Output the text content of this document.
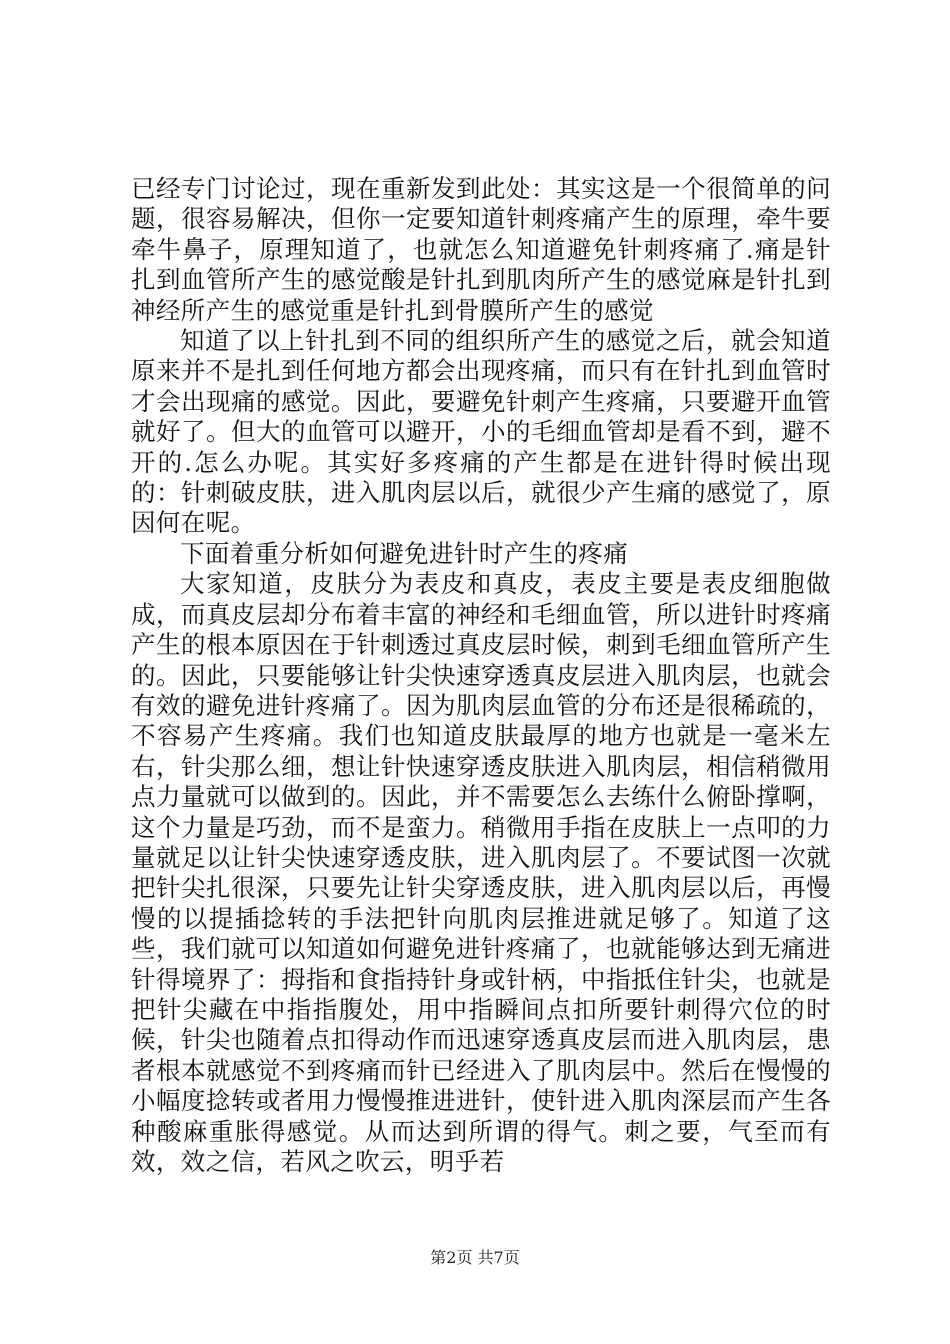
已经专门讨论过，现在重新发到此处：其实这是一个很简单的问题，很容易解决，但你一定要知道针刺疼痛产生的原理，牵牛要牵牛鼻子，原理知道了，也就怎么知道避免针刺疼痛了.痛是针扎到血管所产生的感觉酸是针扎到肌肉所产生的感觉麻是针扎到神经所产生的感觉重是针扎到骨膜所产生的感觉

知道了以上针扎到不同的组织所产生的感觉之后，就会知道原来并不是扎到任何地方都会出现疼痛，而只有在针扎到血管时才会出现痛的感觉。因此，要避免针刺产生疼痛，只要避开血管就好了。但大的血管可以避开，小的毛细血管却是看不到，避不开的.怎么办呢。其实好多疼痛的产生都是在进针得时候出现的：针刺破皮肤，进入肌肉层以后，就很少产生痛的感觉了，原因何在呢。

下面着重分析如何避免进针时产生的疼痛

大家知道，皮肤分为表皮和真皮，表皮主要是表皮细胞做成，而真皮层却分布着丰富的神经和毛细血管，所以进针时疼痛产生的根本原因在于针刺透过真皮层时候，刺到毛细血管所产生的。因此，只要能够让针尖快速穿透真皮层进入肌肉层，也就会有效的避免进针疼痛了。因为肌肉层血管的分布还是很稀疏的，不容易产生疼痛。我们也知道皮肤最厚的地方也就是一毫米左右，针尖那么细，想让针快速穿透皮肤进入肌肉层，相信稍微用点力量就可以做到的。因此，并不需要怎么去练什么俯卧撑啊，这个力量是巧劲，而不是蛮力。稍微用手指在皮肤上一点叩的力量就足以让针尖快速穿透皮肤，进入肌肉层了。不要试图一次就把针尖扎很深，只要先让针尖穿透皮肤，进入肌肉层以后，再慢慢的以提插捻转的手法把针向肌肉层推进就足够了。知道了这些，我们就可以知道如何避免进针疼痛了，也就能够达到无痛进针得境界了：拇指和食指持针身或针柄，中指抵住针尖，也就是把针尖藏在中指指腹处，用中指瞬间点扣所要针刺得穴位的时候，针尖也随着点扣得动作而迅速穿透真皮层而进入肌肉层，患者根本就感觉不到疼痛而针已经进入了肌肉层中。然后在慢慢的小幅度捻转或者用力慢慢推进进针，使针进入肌肉深层而产生各种酸麻重胀得感觉。从而达到所谓的得气。刺之要，气至而有效，效之信，若风之吹云，明乎若

第2页 共7页
